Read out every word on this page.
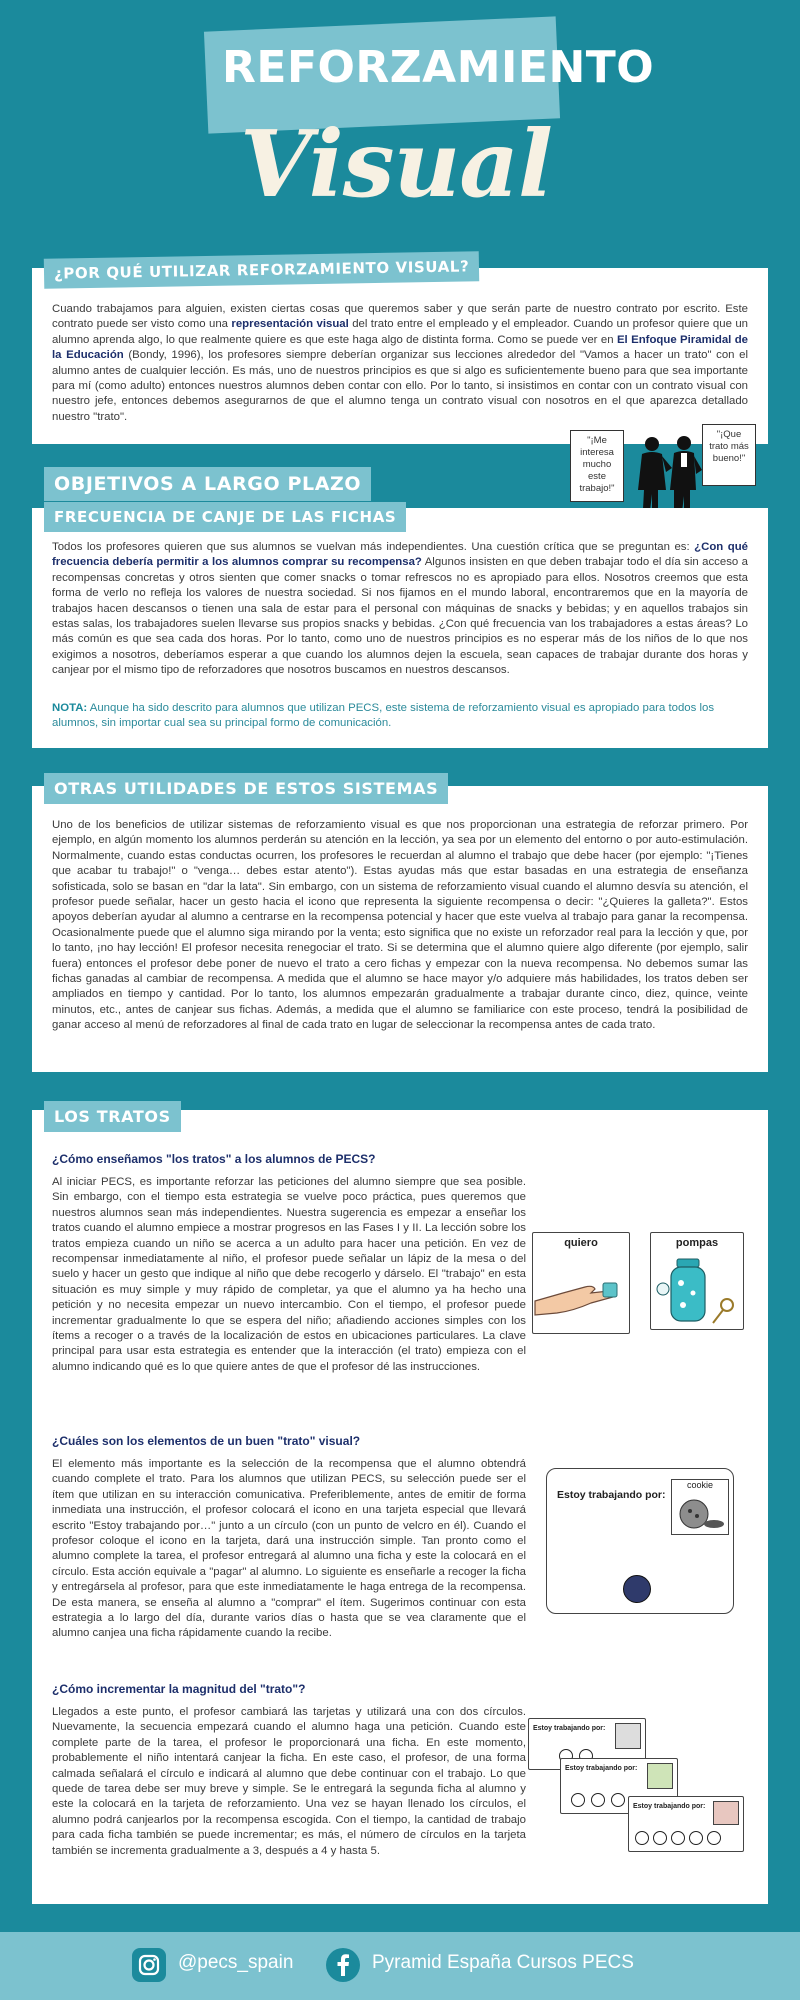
REFORZAMIENTO
Visual
Cuando trabajamos para alguien, existen ciertas cosas que queremos saber y que serán parte de nuestro contrato por escrito. Este contrato puede ser visto como una representación visual del trato entre el empleado y el empleador. Cuando un profesor quiere que un alumno aprenda algo, lo que realmente quiere es que este haga algo de distinta forma. Como se puede ver en El Enfoque Piramidal de la Educación (Bondy, 1996), los profesores siempre deberían organizar sus lecciones alrededor del "Vamos a hacer un trato" con el alumno antes de cualquier lección. Es más, uno de nuestros principios es que si algo es suficientemente bueno para que sea importante para mí (como adulto) entonces nuestros alumnos deben contar con ello. Por lo tanto, si insistimos en contar con un contrato visual con nuestro jefe, entonces debemos asegurarnos de que el alumno tenga un contrato visual con nosotros en el que aparezca detallado nuestro "trato".
¿POR QUÉ UTILIZAR REFORZAMIENTO VISUAL?
"¡Me interesa mucho este trabajo!"
"¡Que trato más bueno!"
Todos los profesores quieren que sus alumnos se vuelvan más independientes. Una cuestión crítica que se preguntan es: ¿Con qué frecuencia debería permitir a los alumnos comprar su recompensa? Algunos insisten en que deben trabajar todo el día sin acceso a recompensas concretas y otros sienten que comer snacks o tomar refrescos no es apropiado para ellos. Nosotros creemos que esta forma de verlo no refleja los valores de nuestra sociedad. Si nos fijamos en el mundo laboral, encontraremos que en la mayoría de trabajos hacen descansos o tienen una sala de estar para el personal con máquinas de snacks y bebidas; y en aquellos trabajos sin estas salas, los trabajadores suelen llevarse sus propios snacks y bebidas. ¿Con qué frecuencia van los trabajadores a estas áreas? Lo más común es que sea cada dos horas. Por lo tanto, como uno de nuestros principios es no esperar más de los niños de lo que nos exigimos a nosotros, deberíamos esperar a que cuando los alumnos dejen la escuela, sean capaces de trabajar durante dos horas y canjear por el mismo tipo de reforzadores que nosotros buscamos en nuestros descansos.
NOTA: Aunque ha sido descrito para alumnos que utilizan PECS, este sistema de reforzamiento visual es apropiado para todos los alumnos, sin importar cual sea su principal formo de comunicación.
OBJETIVOS A LARGO PLAZO
FRECUENCIA DE CANJE DE LAS FICHAS
Uno de los beneficios de utilizar sistemas de reforzamiento visual es que nos proporcionan una estrategia de reforzar primero. Por ejemplo, en algún momento los alumnos perderán su atención en la lección, ya sea por un elemento del entorno o por auto-estimulación. Normalmente, cuando estas conductas ocurren, los profesores le recuerdan al alumno el trabajo que debe hacer (por ejemplo: "¡Tienes que acabar tu trabajo!" o "venga… debes estar atento"). Estas ayudas más que estar basadas en una estrategia de enseñanza sofisticada, solo se basan en "dar la lata". Sin embargo, con un sistema de reforzamiento visual cuando el alumno desvía su atención, el profesor puede señalar, hacer un gesto hacia el icono que representa la siguiente recompensa o decir: "¿Quieres la galleta?". Estos apoyos deberían ayudar al alumno a centrarse en la recompensa potencial y hacer que este vuelva al trabajo para ganar la recompensa. Ocasionalmente puede que el alumno siga mirando por la venta; esto significa que no existe un reforzador real para la lección y que, por lo tanto, ¡no hay lección! El profesor necesita renegociar el trato. Si se determina que el alumno quiere algo diferente (por ejemplo, salir fuera) entonces el profesor debe poner de nuevo el trato a cero fichas y empezar con la nueva recompensa. No debemos sumar las fichas ganadas al cambiar de recompensa. A medida que el alumno se hace mayor y/o adquiere más habilidades, los tratos deben ser ampliados en tiempo y cantidad. Por lo tanto, los alumnos empezarán gradualmente a trabajar durante cinco, diez, quince, veinte minutos, etc., antes de canjear sus fichas. Además, a medida que el alumno se familiarice con este proceso, tendrá la posibilidad de ganar acceso al menú de reforzadores al final de cada trato en lugar de seleccionar la recompensa antes de cada trato.
OTRAS UTILIDADES DE ESTOS SISTEMAS
¿Cómo enseñamos "los tratos" a los alumnos de PECS?
Al iniciar PECS, es importante reforzar las peticiones del alumno siempre que sea posible. Sin embargo, con el tiempo esta estrategia se vuelve poco práctica, pues queremos que nuestros alumnos sean más independientes. Nuestra sugerencia es empezar a enseñar los tratos cuando el alumno empiece a mostrar progresos en las Fases I y II. La lección sobre los tratos empieza cuando un niño se acerca a un adulto para hacer una petición. En vez de recompensar inmediatamente al niño, el profesor puede señalar un lápiz de la mesa o del suelo y hacer un gesto que indique al niño que debe recogerlo y dárselo. El "trabajo" en esta situación es muy simple y muy rápido de completar, ya que el alumno ya ha hecho una petición y no necesita empezar un nuevo intercambio. Con el tiempo, el profesor puede incrementar gradualmente lo que se espera del niño; añadiendo acciones simples con los ítems a recoger o a través de la localización de estos en ubicaciones particulares. La clave principal para usar esta estrategia es entender que la interacción (el trato) empieza con el alumno indicando qué es lo que quiere antes de que el profesor dé las instrucciones.
¿Cuáles son los elementos de un buen "trato" visual?
El elemento más importante es la selección de la recompensa que el alumno obtendrá cuando complete el trato. Para los alumnos que utilizan PECS, su selección puede ser el ítem que utilizan en su interacción comunicativa. Preferiblemente, antes de emitir de forma inmediata una instrucción, el profesor colocará el icono en una tarjeta especial que llevará escrito "Estoy trabajando por…" junto a un círculo (con un punto de velcro en él). Cuando el profesor coloque el icono en la tarjeta, dará una instrucción simple. Tan pronto como el alumno complete la tarea, el profesor entregará al alumno una ficha y este la colocará en el círculo. Esta acción equivale a "pagar" al alumno. Lo siguiente es enseñarle a recoger la ficha y entregársela al profesor, para que este inmediatamente le haga entrega de la recompensa. De esta manera, se enseña al alumno a "comprar" el ítem. Sugerimos continuar con esta estrategia a lo largo del día, durante varios días o hasta que se vea claramente que el alumno canjea una ficha rápidamente cuando la recibe.
¿Cómo incrementar la magnitud del "trato"?
Llegados a este punto, el profesor cambiará las tarjetas y utilizará una con dos círculos. Nuevamente, la secuencia empezará cuando el alumno haga una petición. Cuando este complete parte de la tarea, el profesor le proporcionará una ficha. En este momento, probablemente el niño intentará canjear la ficha. En este caso, el profesor, de una forma calmada señalará el círculo e indicará al alumno que debe continuar con el trabajo. Lo que quede de tarea debe ser muy breve y simple. Se le entregará la segunda ficha al alumno y este la colocará en la tarjeta de reforzamiento. Una vez se hayan llenado los círculos, el alumno podrá canjearlos por la recompensa escogida. Con el tiempo, la cantidad de trabajo para cada ficha también se puede incrementar; es más, el número de círculos en la tarjeta también se incrementa gradualmente a 3, después a 4 y hasta 5.
quiero	pompas
Estoy trabajando por:
cookie
Estoy trabajando por:
Estoy trabajando por:
Estoy trabajando por:
LOS TRATOS
@pecs_spain	Pyramid España Cursos PECS
